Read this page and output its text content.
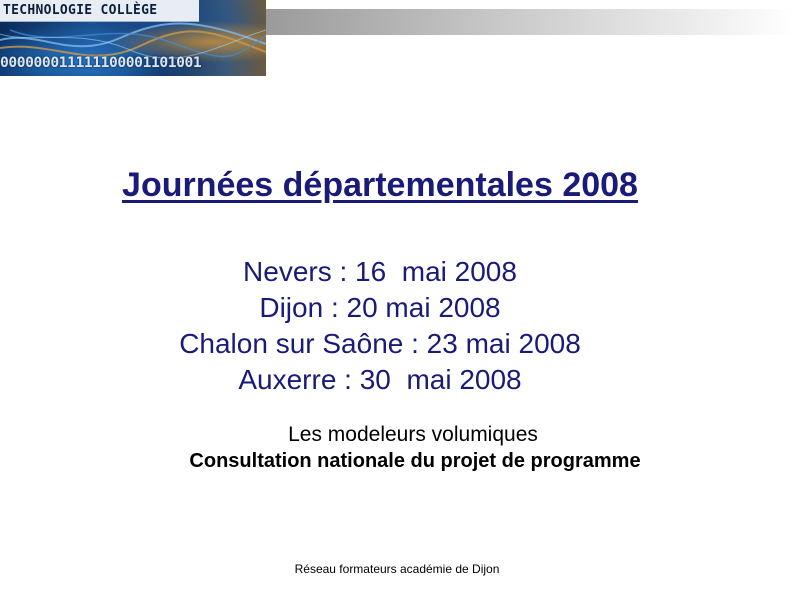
TECHNOLOGIE COLLÈGE
000000011111100001101001
Journées départementales 2008
Nevers : 16  mai 2008
Dijon : 20 mai 2008
Chalon sur Saône : 23 mai 2008
Auxerre : 30  mai 2008
Les modeleurs volumiques
Consultation nationale du projet de programme
Réseau formateurs académie de Dijon
